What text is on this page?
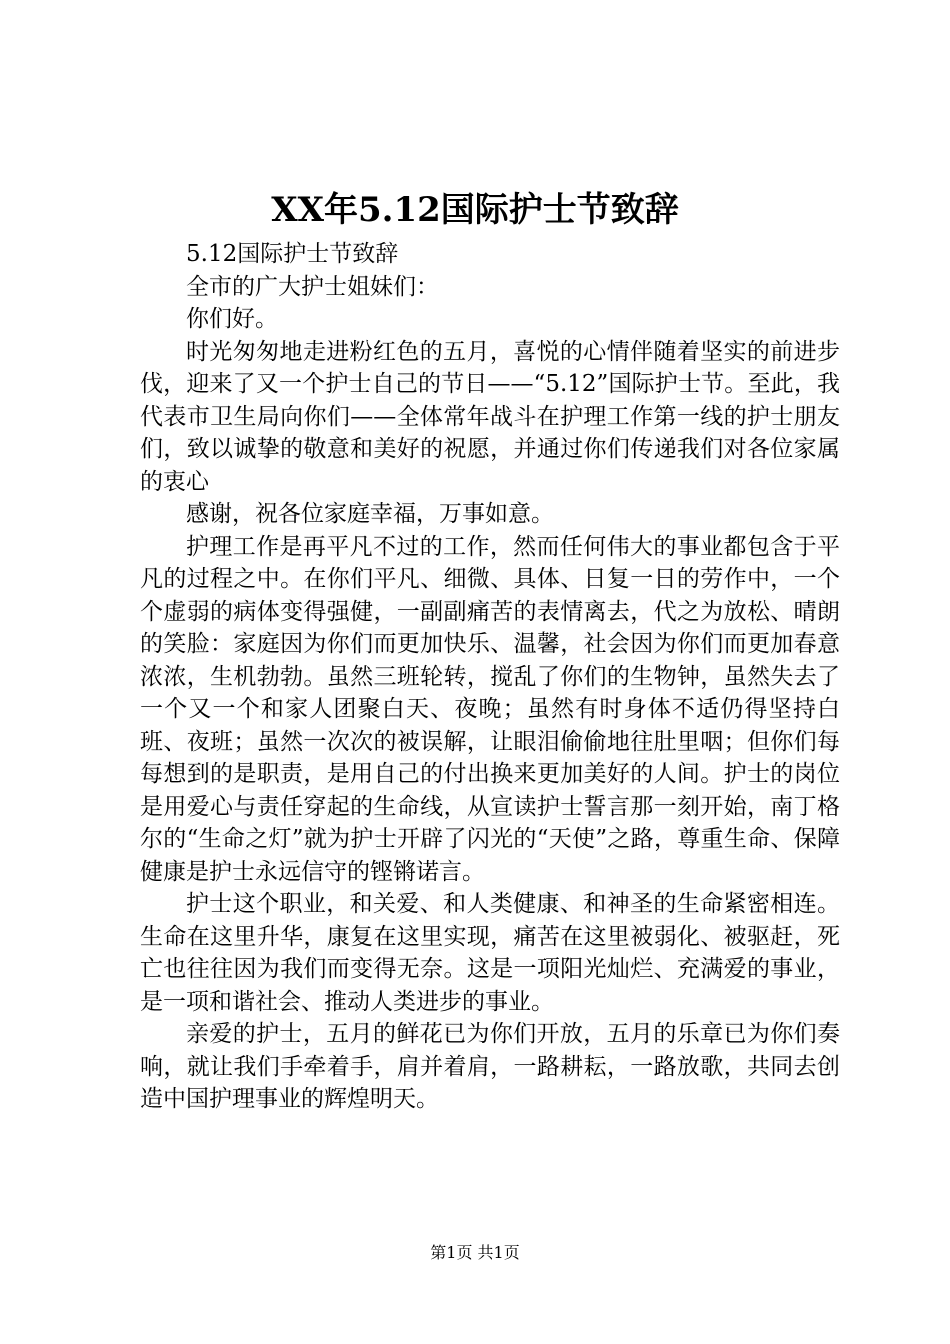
XX年5.12国际护士节致辞

5.12国际护士节致辞

全市的广大护士姐妹们：

你们好。

时光匆匆地走进粉红色的五月，喜悦的心情伴随着坚实的前进步伐，迎来了又一个护士自己的节日——“5.12”国际护士节。至此，我代表市卫生局向你们——全体常年战斗在护理工作第一线的护士朋友们，致以诚挚的敬意和美好的祝愿，并通过你们传递我们对各位家属的衷心

感谢，祝各位家庭幸福，万事如意。

护理工作是再平凡不过的工作，然而任何伟大的事业都包含于平凡的过程之中。在你们平凡、细微、具体、日复一日的劳作中，一个个虚弱的病体变得强健，一副副痛苦的表情离去，代之为放松、晴朗的笑脸：家庭因为你们而更加快乐、温馨，社会因为你们而更加春意浓浓，生机勃勃。虽然三班轮转，搅乱了你们的生物钟，虽然失去了一个又一个和家人团聚白天、夜晚；虽然有时身体不适仍得坚持白班、夜班；虽然一次次的被误解，让眼泪偷偷地往肚里咽；但你们每每想到的是职责，是用自己的付出换来更加美好的人间。护士的岗位是用爱心与责任穿起的生命线，从宣读护士誓言那一刻开始，南丁格尔的“生命之灯”就为护士开辟了闪光的“天使”之路，尊重生命、保障健康是护士永远信守的铿锵诺言。

护士这个职业，和关爱、和人类健康、和神圣的生命紧密相连。生命在这里升华，康复在这里实现，痛苦在这里被弱化、被驱赶，死亡也往往因为我们而变得无奈。这是一项阳光灿烂、充满爱的事业，是一项和谐社会、推动人类进步的事业。

亲爱的护士，五月的鲜花已为你们开放，五月的乐章已为你们奏响，就让我们手牵着手，肩并着肩，一路耕耘，一路放歌，共同去创造中国护理事业的辉煌明天。

第1页 共1页
